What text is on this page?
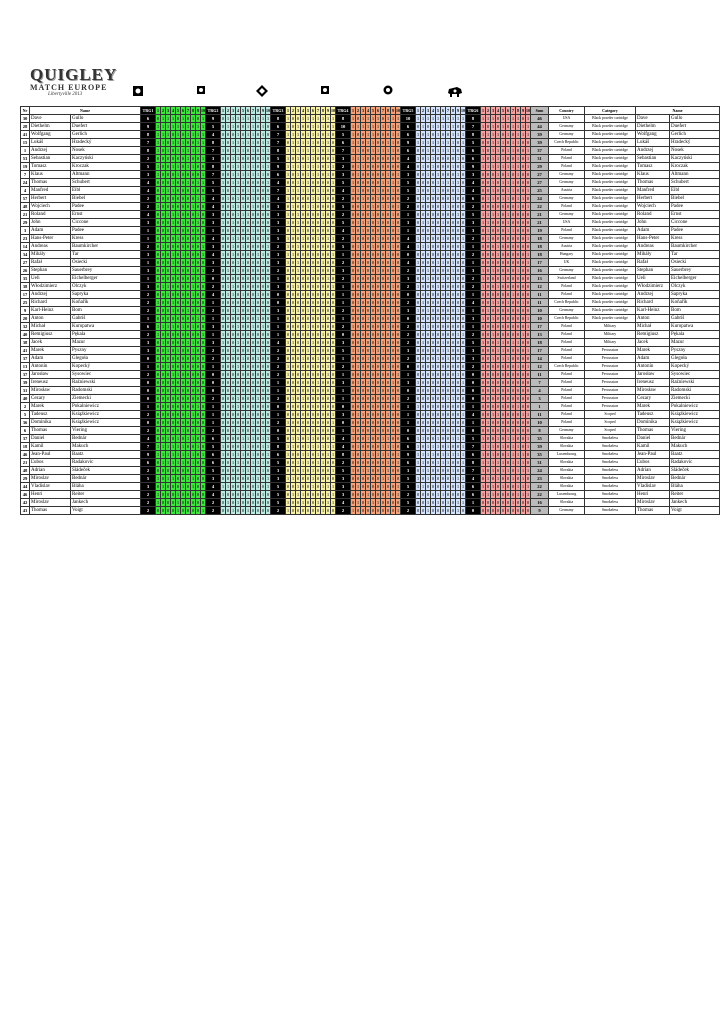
QUIGLEY
MATCH EUROPE
Libertyville 2013
Nr	Name	TRG1	1	2	3	4	5	6	7	8	9	10	TRG2	1	2	3	4	5	6	7	8	9	10	TRG3	1	2	3	4	5	6	7	8	9	10	TRG4	1	2	3	4	5	6	7	8	9	10	TRG5	1	2	3	4	5	6	7	8	9	10	TRG6	1	2	3	4	5	6	7	8	9	10	Sum	Country	Category	Name
30	Dave	Gullo	6	0	1	1	1	0	1	0	1	0	1	9	0	1	1	1	1	1	1	1	1	1	8	1	0	0	1	1	1	1	1	1	1	8	1	0	1	1	1	1	0	1	1	1	10	1	1	1	1	1	1	1	1	1	1	8	1	1	1	0	1	1	1	1	0	1	46	USA	Black powder cartridge	Dave	Gullo
28	Diethelm	Duefert	9	1	1	1	1	1	1	1	0	1	1	5	0	1	1	0	0	1	1	0	1	0	6	1	0	1	0	0	1	1	1	0	1	10	1	1	1	1	1	1	1	1	1	1	6	0	1	0	1	1	1	1	1	0	0	7	1	0	1	0	1	0	1	1	1	1	44	Germany	Black powder cartridge	Diethelm	Duefert
41	Wolfgang	Gerlich	8	1	1	1	0	1	0	1	1	1	1	4	0	0	0	1	0	1	1	0	1	0	7	1	1	1	0	1	1	1	0	1	0	5	1	0	0	1	1	0	0	0	1	1	6	1	0	1	0	1	0	0	1	1	1	8	1	1	1	1	0	1	0	1	1	1	39	Germany	Black powder cartridge	Wolfgang	Gerlich
15	Lukáš	Hradecký	7	1	1	0	1	1	1	0	0	1	1	8	1	0	1	1	1	1	1	0	1	1	7	0	1	1	1	1	1	0	1	1	0	6	1	1	0	1	1	0	0	1	1	0	9	1	1	1	1	1	1	1	1	0	1	5	0	0	1	1	1	0	1	1	0	0	39	Czech Republic	Black powder cartridge	Lukáš	Hradecký
1	Andrzej	Nosek	8	1	0	1	0	1	1	1	1	1	1	7	1	0	1	1	1	0	1	0	1	1	8	1	1	1	1	1	1	1	0	1	0	7	1	1	0	0	1	1	1	1	1	0	6	0	0	1	0	1	1	1	1	0	1	6	1	0	1	1	0	1	1	0	0	1	37	Poland	Black powder cartridge	Andrzej	Nosek
53	Sebastian	Kaczyński	2	0	0	0	0	0	0	1	0	0	1	3	0	0	1	1	0	0	0	0	1	0	5	1	0	1	0	1	1	0	0	0	1	3	1	1	1	0	0	0	0	0	0	0	4	1	0	1	1	0	0	0	0	1	0	6	1	0	1	1	1	0	0	1	0	1	31	Poland	Black powder cartridge	Sebastian	Kaczyński
19	Tomasz	Kroczak	5	1	0	0	1	1	0	1	1	0	0	8	1	0	1	1	1	1	1	0	1	1	9	1	1	1	1	1	1	1	0	1	1	2	0	1	1	0	0	0	0	0	0	0	4	0	1	0	1	0	0	0	1	0	1	9	1	1	1	1	1	1	1	1	0	1	29	Poland	Black powder cartridge	Tomasz	Kroczak
7	Klaus	Altmann	3	1	0	0	0	1	0	0	0	0	1	7	0	0	1	1	1	1	1	1	1	0	6	1	0	1	0	1	1	1	0	1	0	3	0	1	0	0	0	0	0	1	0	1	3	0	0	1	0	1	0	0	0	1	0	3	0	0	0	1	0	1	0	1	0	0	27	Germany	Black powder cartridge	Klaus	Altmann
24	Thomas	Schubert	4	0	0	0	1	0	0	1	0	1	1	5	1	0	1	1	1	0	0	0	0	1	4	0	0	1	1	1	0	0	0	0	1	5	1	0	0	0	0	0	1	1	1	1	5	0	0	0	0	1	1	1	1	1	0	4	0	0	1	0	1	1	1	0	0	0	27	Germany	Black powder cartridge	Thomas	Schubert
4	Manfred	Eibl	4	0	1	1	1	0	0	0	1	0	0	5	1	0	1	1	0	1	1	0	0	0	7	1	1	1	1	1	0	1	1	0	0	4	1	1	0	0	0	1	0	0	1	0	5	1	0	0	1	1	0	0	0	1	1	4	0	0	1	0	0	1	1	0	0	1	25	Austria	Black powder cartridge	Manfred	Eibl
57	Herbert	Biebel	2	0	0	0	0	0	0	0	0	1	1	4	0	1	0	1	0	0	1	0	0	1	4	1	0	0	0	0	1	1	1	0	0	2	0	0	1	0	0	1	0	0	0	0	2	0	1	0	0	0	0	0	1	0	0	6	0	1	1	0	1	1	0	1	1	0	24	Germany	Black powder cartridge	Herbert	Biebel
48	Wojciech	Padee	2	1	0	0	0	0	0	0	1	0	0	4	0	0	1	1	1	0	1	0	0	0	3	0	1	0	0	1	1	0	0	0	0	5	0	0	1	0	1	0	1	1	0	1	2	0	0	0	0	0	1	1	0	0	0	2	0	0	0	0	0	0	0	1	0	1	22	Poland	Black powder cartridge	Wojciech	Padee
21	Roland	Ernst	4	0	0	1	1	1	0	0	0	1	0	3	0	0	0	1	1	1	0	0	0	0	3	1	0	1	0	0	0	0	1	0	0	2	0	0	0	0	1	0	0	0	1	0	1	0	0	0	0	0	0	0	0	1	0	5	1	1	1	1	0	1	0	0	0	0	21	Germany	Black powder cartridge	Roland	Ernst
29	John	Ciccone	3	0	0	0	1	0	1	0	0	1	0	3	1	0	1	0	1	0	0	0	0	0	3	1	0	1	0	0	0	0	1	0	0	5	0	1	1	1	0	1	0	0	1	0	3	0	1	1	0	0	1	0	0	0	0	3	1	1	0	0	0	1	0	0	0	0	21	USA	Black powder cartridge	John	Ciccone
3	Adam	Padee	1	0	0	0	1	0	0	0	0	0	0	1	0	0	0	0	0	0	1	0	0	0	3	0	1	0	1	0	0	0	0	0	1	4	1	0	1	0	0	0	1	0	0	1	1	0	0	0	0	1	0	0	0	0	0	3	0	1	0	0	0	1	1	0	0	0	19	Poland	Black powder cartridge	Adam	Padee
23	Hans-Peter	Kress	1	0	0	0	0	1	0	0	0	0	0	4	0	0	1	1	0	0	1	0	1	0	5	1	0	0	1	0	0	1	0	1	1	2	1	0	0	0	0	1	0	0	0	0	4	1	1	0	0	0	1	0	0	0	1	2	0	1	0	0	0	0	0	0	0	1	18	Germany	Black powder cartridge	Hans-Peter	Kress
14	Andreas	Baumkircher	2	0	1	0	0	0	0	0	0	0	1	3	0	0	1	0	1	0	0	0	0	1	2	1	0	1	0	0	0	0	0	0	0	5	0	1	1	0	1	0	0	1	1	0	4	1	1	1	0	0	0	0	0	0	1	1	0	0	0	1	0	0	0	0	0	0	18	Austria	Black powder cartridge	Andreas	Baumkircher
34	Mihály	Tar	3	0	0	0	1	0	1	0	0	0	1	4	1	0	1	0	0	0	0	1	1	0	3	1	1	0	0	0	0	0	0	0	1	1	0	0	0	0	0	0	0	1	0	0	0	0	0	0	0	0	0	0	0	0	0	2	0	0	0	1	0	0	0	0	0	1	18	Hungary	Black powder cartridge	Mihály	Tar
27	Rafał	Osiecki	1	0	0	0	1	0	0	0	0	0	0	3	0	0	0	1	1	0	0	0	1	0	3	1	0	1	0	0	0	0	1	0	0	2	0	1	0	0	0	0	0	0	1	0	4	1	0	0	0	1	1	0	1	0	0	1	0	0	0	0	0	0	0	0	0	1	17	UK	Black powder cartridge	Rafał	Osiecki
26	Stephan	Sauerbrey	3	0	0	0	1	0	0	0	1	0	1	2	0	1	0	1	0	0	0	0	0	0	2	0	0	1	0	0	1	0	0	0	0	3	0	0	1	0	0	1	0	0	0	1	2	0	0	1	0	0	0	0	1	0	0	3	1	0	1	0	0	0	0	1	0	0	16	Germany	Black powder cartridge	Stephan	Sauerbrey
35	Ueli	Eichelberger	1	0	0	0	0	0	0	0	0	0	1	0	0	0	0	0	0	0	0	0	0	0	1	0	0	0	0	0	0	0	0	1	0	2	1	0	0	0	0	0	0	0	1	0	3	0	0	1	0	0	1	0	1	0	0	2	1	0	0	0	1	0	0	0	0	0	13	Switzerland	Black powder cartridge	Ueli	Eichelberger
38	Włodzimierz	Olczyk	3	0	1	1	0	0	0	0	1	0	0	2	0	1	1	0	0	0	0	0	0	0	3	0	1	1	0	0	0	0	0	0	1	1	0	0	0	0	0	0	0	0	1	0	2	1	0	0	0	1	0	0	0	0	0	2	1	0	0	1	0	0	0	0	0	0	12	Poland	Black powder cartridge	Włodzimierz	Olczyk
17	Andrzej	Sapryka	2	0	0	1	0	0	0	0	1	0	0	4	0	1	1	0	1	0	0	1	0	0	0	0	0	0	0	0	0	0	0	0	0	1	0	0	0	1	0	0	0	0	0	0	0	0	0	0	0	0	0	0	0	0	0	1	0	0	0	0	0	0	1	0	0	0	11	Poland	Black powder cartridge	Andrzej	Sapryka
25	Richard	Koňařík	2	1	0	0	1	0	0	0	0	0	0	1	0	0	0	0	0	0	1	0	0	0	0	0	0	0	0	0	0	0	0	0	0	1	0	1	0	0	0	0	0	0	0	0	2	0	1	0	0	0	1	0	0	0	0	4	0	0	1	1	0	1	0	0	1	0	11	Czech Republic	Black powder cartridge	Richard	Koňařík
9	Karl-Heinz	Bom	2	0	0	0	1	0	0	1	0	0	0	2	0	0	1	1	0	0	0	0	0	0	3	0	1	1	0	1	0	0	0	0	0	2	0	0	0	0	0	0	1	0	1	0	3	1	0	1	0	0	0	0	0	1	0	1	0	1	0	0	0	0	0	0	0	0	10	Germany	Black powder cartridge	Karl-Heinz	Bom
20	Anton	Gabriš	1	0	0	0	0	0	0	0	0	1	0	1	0	0	0	0	0	0	0	1	0	0	1	0	0	0	0	0	0	0	1	0	0	1	0	0	0	1	0	0	0	0	0	0	0	0	0	0	0	0	0	0	0	0	0	3	1	0	1	0	0	0	0	0	0	1	10	Czech Republic	Black powder cartridge	Anton	Gabriš
32	Michał	Kuropatwa	6	1	1	1	1	0	1	0	1	0	0	3	0	0	0	1	0	0	1	0	1	0	1	0	0	0	0	1	0	0	0	0	0	2	1	0	0	0	0	0	0	1	0	0	2	0	1	1	0	0	0	0	0	0	0	1	0	0	0	0	0	0	0	0	0	1	17	Poland	Military	Michał	Kuropatwa
40	Remigiusz	Pękala	2	1	0	0	0	0	0	0	0	0	1	1	1	0	0	0	0	0	0	0	0	0	1	0	0	0	0	0	0	0	1	0	0	0	0	0	0	0	0	0	0	0	0	0	2	0	0	0	0	0	0	0	0	1	1	2	0	0	1	0	0	0	0	0	1	0	13	Poland	Military	Remigiusz	Pękala
38	Jacek	Mazur	3	0	1	0	0	0	0	1	1	0	0	3	1	0	0	1	1	0	0	0	0	0	4	1	1	0	0	1	1	0	0	0	0	3	0	0	1	0	0	1	1	0	0	0	2	0	1	0	0	0	1	0	0	0	0	5	1	0	0	1	1	0	1	1	0	0	18	Poland	Military	Jacek	Mazur
41	Marek	Pyszny	3	0	0	1	0	1	0	0	1	0	0	2	0	0	1	0	0	0	0	1	0	0	2	0	0	0	0	1	1	0	0	0	0	5	1	1	0	0	1	1	1	0	0	0	3	0	0	0	0	0	1	1	0	0	1	3	0	0	0	1	1	0	0	0	0	1	17	Poland	Percussion	Marek	Pyszny
37	Adam	Glegoła	0	0	0	0	0	0	0	0	0	0	0	2	0	0	0	0	1	0	0	1	0	0	2	0	0	0	1	0	0	1	0	0	0	1	0	0	0	1	0	0	0	0	0	0	2	0	0	0	0	1	0	1	0	0	0	3	0	0	1	0	1	1	0	0	0	0	14	Poland	Percussion	Adam	Glegoła
13	Antonín	Kopecký	1	0	0	1	0	0	0	0	0	0	0	1	0	0	0	1	0	0	0	0	0	0	2	1	0	0	0	0	0	0	0	1	0	2	0	1	0	0	0	0	0	1	0	0	0	0	0	0	0	0	0	0	0	0	0	2	0	0	0	0	0	0	0	1	0	1	12	Czech Republic	Percussion	Antonín	Kopecký
37	Jarosław	Sysowiec	2	0	0	0	1	1	0	0	0	0	0	0	0	0	0	0	0	0	0	0	0	0	2	1	0	0	0	0	0	0	0	1	0	1	0	0	0	0	0	0	0	0	0	1	1	0	0	0	0	0	0	0	0	1	0	0	0	0	0	0	0	0	0	0	0	0	11	Poland	Percussion	Jarosław	Sysowiec
39	Ireneusz	Raźniewski	0	0	0	0	0	0	0	0	0	0	0	0	0	0	0	0	0	0	0	0	0	0	1	0	0	0	0	0	0	1	0	0	0	3	0	1	0	1	0	0	0	0	1	0	3	1	0	0	0	0	0	1	0	0	1	0	0	0	0	0	0	0	0	0	0	0	7	Poland	Percussion	Ireneusz	Raźniewski
31	Mirosław	Radomski	0	0	0	0	0	0	0	0	0	0	0	0	0	0	0	0	0	0	0	0	0	0	1	0	0	0	0	0	0	0	0	0	1	1	0	0	0	0	0	1	0	0	0	0	0	0	0	0	0	0	0	0	0	0	0	0	0	0	0	0	0	0	0	0	0	0	4	Poland	Percussion	Mirosław	Radomski
40	Cezary	Ziemecki	0	0	0	0	0	0	0	0	0	0	0	2	0	0	0	1	0	0	0	1	0	0	2	0	1	0	1	0	0	0	0	0	0	1	0	0	0	0	0	0	0	0	0	1	2	0	0	0	0	0	0	1	1	0	0	0	0	0	0	0	0	0	0	0	0	0	3	Poland	Percussion	Cezary	Ziemecki
2	Marek	Pokalniewicz	1	0	0	0	0	0	0	0	0	1	0	1	0	0	0	1	0	0	0	0	0	0	0	0	0	0	0	0	0	0	0	0	0	0	0	0	0	0	0	0	0	0	0	0	1	1	0	0	0	0	0	0	0	0	0	1	0	0	0	0	0	0	0	1	0	0	1	Poland	Percussion	Marek	Pokalniewicz
5	Tadeusz	Książkiewicz	2	0	0	0	0	0	0	1	1	0	0	1	0	0	0	0	0	1	0	0	0	0	1	0	0	0	0	0	0	0	0	0	1	3	0	1	1	0	0	0	0	1	0	0	1	0	0	0	0	0	0	0	0	0	1	4	0	0	1	1	0	0	0	0	1	1	11	Poland	Scoped	Tadeusz	Książkiewicz
36	Dominika	Książkiewicz	0	0	0	0	0	0	0	0	0	0	0	1	0	0	0	0	0	0	1	0	0	0	2	1	0	0	0	0	0	0	0	0	1	0	0	0	0	0	0	0	0	0	0	0	1	0	0	0	0	0	0	1	0	0	0	1	0	1	0	0	0	0	0	0	0	0	10	Poland	Scoped	Dominika	Książkiewicz
6	Thomas	Viering	2	0	0	0	0	0	1	0	0	1	0	2	0	0	0	1	0	0	0	0	1	0	0	0	0	0	0	0	0	0	0	0	0	1	1	0	0	0	0	0	0	0	0	0	0	0	0	0	0	0	0	0	0	0	0	0	0	0	0	0	0	0	0	0	0	0	8	Germany	Scoped	Thomas	Viering
37	Daniel	Bednár	4	0	0	1	0	1	0	1	1	0	0	6	1	0	0	0	1	1	1	0	1	1	5	0	1	1	0	1	1	0	0	0	1	4	1	0	0	1	0	0	1	1	0	0	6	1	1	0	0	1	0	0	1	1	1	5	1	0	0	1	0	1	1	0	0	1	35	Slovakia	Smokeless	Daniel	Bednár
18	Kamil	Makuch	7	1	1	1	1	1	1	0	0	1	0	5	1	0	0	0	1	1	0	0	1	1	8	1	1	0	0	1	1	1	1	1	1	4	0	1	0	0	0	0	1	1	1	0	6	1	0	1	1	1	0	1	0	0	1	7	1	1	1	0	1	0	1	1	0	1	39	Slovakia	Smokeless	Kamil	Makuch
46	Jean-Paul	Baatz	9	1	1	1	1	1	1	1	1	0	1	6	1	0	1	1	1	0	1	0	0	1	6	1	0	0	1	1	0	1	0	1	1	8	1	0	1	1	1	1	1	1	0	1	9	1	1	1	1	0	1	1	1	1	1	6	1	0	1	0	0	1	1	1	1	0	35	Luxembourg	Smokeless	Jean-Paul	Baatz
21	Ľubos	Radakovic	6	0	1	1	1	1	1	0	1	0	0	6	0	0	1	1	1	0	1	1	1	0	5	0	0	1	1	1	0	1	1	0	0	2	0	0	0	0	0	0	0	1	0	1	6	1	1	0	0	1	1	1	0	0	1	8	1	1	1	1	1	0	1	1	1	0	31	Slovakia	Smokeless	Ľubos	Radakovic
48	Adrian	Sládeček	2	0	0	0	0	0	0	0	1	1	0	5	0	0	0	0	1	1	1	1	1	0	3	0	0	0	1	0	1	0	0	0	1	5	1	0	1	1	0	0	1	1	0	0	3	0	1	1	0	0	0	0	1	0	0	7	1	0	1	0	1	1	0	1	1	1	24	Slovakia	Smokeless	Adrian	Sládeček
29	Miroslav	Bednár	5	1	0	1	1	0	0	1	1	0	0	3	0	0	0	0	0	0	1	1	0	1	3	1	1	0	0	0	1	0	0	0	0	3	0	0	0	0	0	0	1	1	1	0	5	1	0	1	0	0	0	0	1	1	1	4	0	1	0	1	0	0	1	0	1	0	23	Slovakia	Smokeless	Miroslav	Bednár
44	Vladislav	Bláha	3	0	1	0	0	0	1	0	1	0	0	4	1	1	0	0	0	0	0	1	0	1	5	0	0	1	0	0	1	0	1	1	1	3	0	1	0	0	0	0	1	0	0	1	5	1	1	0	0	0	1	0	0	1	1	6	1	0	1	0	1	0	0	1	1	1	22	Slovakia	Smokeless	Vladislav	Bláha
46	Henri	Reiter	2	1	0	0	0	1	0	0	0	0	0	4	1	0	0	0	0	1	1	0	1	0	5	0	1	1	1	0	0	0	0	1	1	3	0	0	0	1	0	0	0	1	0	1	2	0	0	0	0	1	1	0	0	0	0	6	1	1	1	0	0	0	0	1	1	1	22	Luxembourg	Smokeless	Henri	Reiter
42	Miroslav	Jankech	2	1	0	0	0	1	0	0	0	0	0	2	0	1	0	1	0	0	0	0	0	0	5	1	0	0	1	0	0	1	0	1	1	4	0	1	0	1	1	1	0	0	0	0	5	0	0	1	0	1	0	1	0	1	1	1	0	0	0	0	0	0	1	0	0	0	16	Slovakia	Smokeless	Miroslav	Jankech
43	Thomas	Voigt	2	0	0	0	0	1	0	0	0	0	1	2	0	0	1	0	0	1	0	0	0	0	2	1	0	0	0	0	0	0	1	0	0	2	1	0	0	0	0	0	0	0	0	1	2	0	0	1	0	0	0	0	0	1	0	0	0	0	0	0	0	0	0	0	0	0	9	Germany	Smokeless	Thomas	Voigt
